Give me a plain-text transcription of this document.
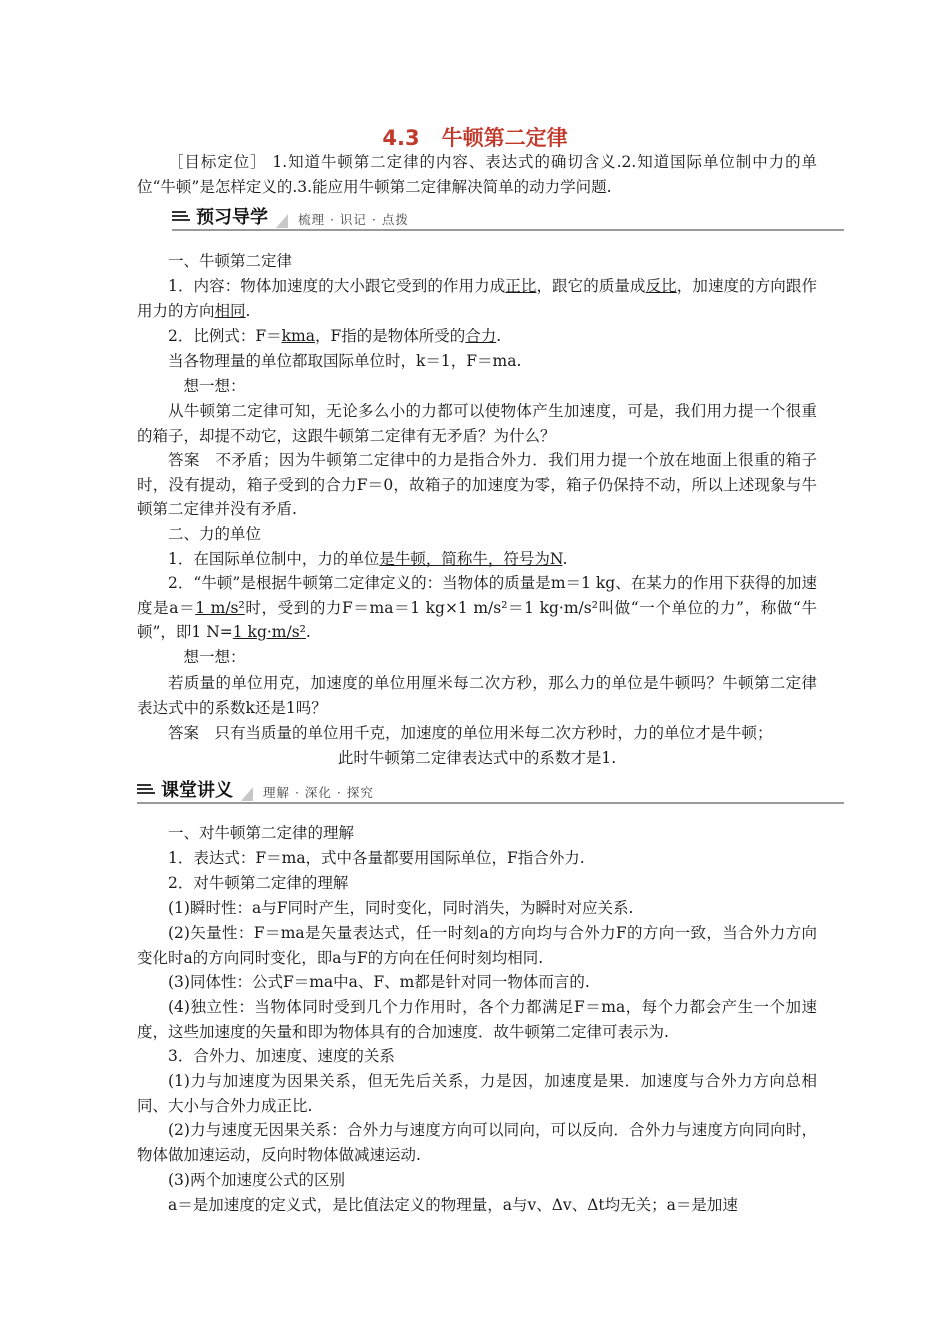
4.3 牛顿第二定律

［目标定位］ 1.知道牛顿第二定律的内容、表达式的确切含义.2.知道国际单位制中力的单位“牛顿”是怎样定义的.3.能应用牛顿第二定律解决简单的动力学问题.

预习导学 梳理 · 识记 · 点拨

一、牛顿第二定律

1．内容：物体加速度的大小跟它受到的作用力成正比，跟它的质量成反比，加速度的方向跟作用力的方向相同.

2．比例式：F＝kma，F指的是物体所受的合力.

当各物理量的单位都取国际单位时，k＝1，F＝ma.

想一想：

从牛顿第二定律可知，无论多么小的力都可以使物体产生加速度，可是，我们用力提一个很重的箱子，却提不动它，这跟牛顿第二定律有无矛盾？为什么？

答案　不矛盾；因为牛顿第二定律中的力是指合外力．我们用力提一个放在地面上很重的箱子时，没有提动，箱子受到的合力F＝0，故箱子的加速度为零，箱子仍保持不动，所以上述现象与牛顿第二定律并没有矛盾.

二、力的单位

1．在国际单位制中，力的单位是牛顿，简称牛，符号为N.

2．“牛顿”是根据牛顿第二定律定义的：当物体的质量是m＝1 kg、在某力的作用下获得的加速度是a＝1 m/s²时，受到的力F＝ma＝1 kg×1 m/s²＝1 kg·m/s²叫做“一个单位的力”，称做“牛顿”，即1 N=1 kg·m/s².

想一想：

若质量的单位用克，加速度的单位用厘米每二次方秒，那么力的单位是牛顿吗？牛顿第二定律表达式中的系数k还是1吗？

答案　只有当质量的单位用千克，加速度的单位用米每二次方秒时，力的单位才是牛顿；

此时牛顿第二定律表达式中的系数才是1.

课堂讲义 理解 · 深化 · 探究

一、对牛顿第二定律的理解

1．表达式：F＝ma，式中各量都要用国际单位，F指合外力.

2．对牛顿第二定律的理解

(1)瞬时性：a与F同时产生，同时变化，同时消失，为瞬时对应关系.

(2)矢量性：F＝ma是矢量表达式，任一时刻a的方向均与合外力F的方向一致，当合外力方向变化时a的方向同时变化，即a与F的方向在任何时刻均相同.

(3)同体性：公式F＝ma中a、F、m都是针对同一物体而言的.

(4)独立性：当物体同时受到几个力作用时，各个力都满足F＝ma，每个力都会产生一个加速度，这些加速度的矢量和即为物体具有的合加速度．故牛顿第二定律可表示为.

3．合外力、加速度、速度的关系

(1)力与加速度为因果关系，但无先后关系，力是因，加速度是果．加速度与合外力方向总相同、大小与合外力成正比.

(2)力与速度无因果关系：合外力与速度方向可以同向，可以反向．合外力与速度方向同向时，物体做加速运动，反向时物体做减速运动.

(3)两个加速度公式的区别

a＝是加速度的定义式，是比值法定义的物理量，a与v、Δv、Δt均无关；a＝是加速
